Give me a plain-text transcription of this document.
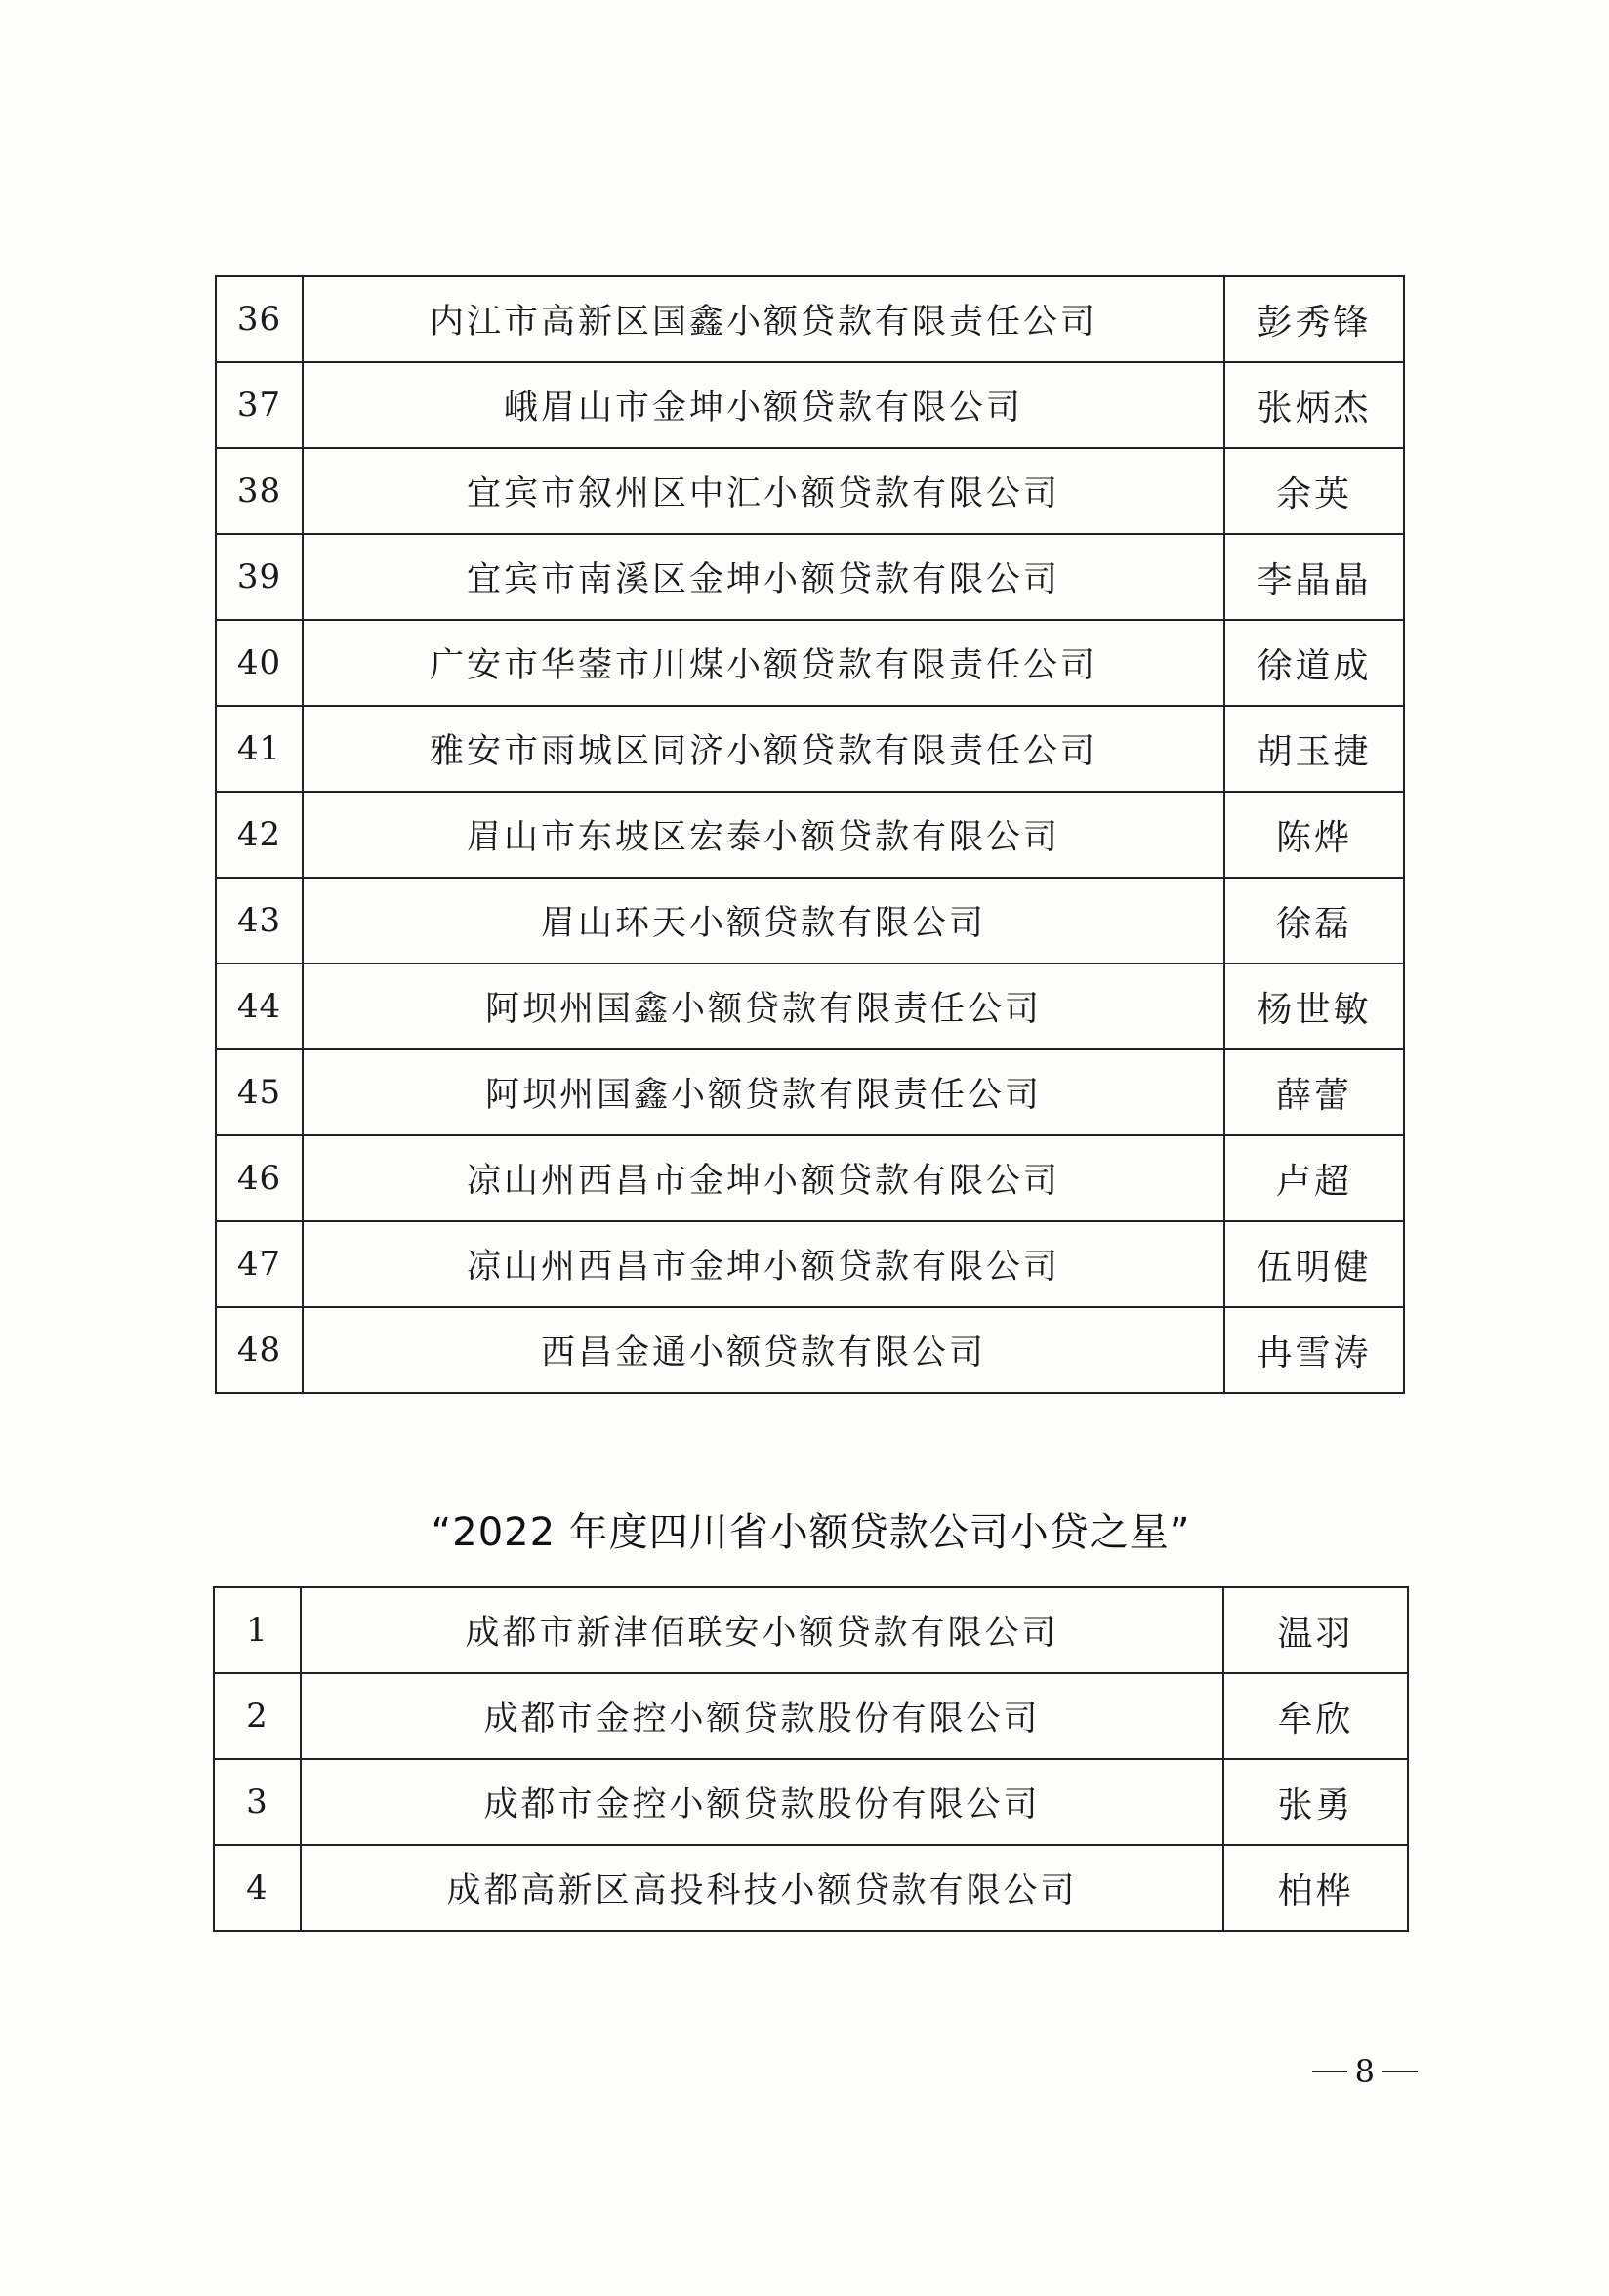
36	内江市高新区国鑫小额贷款有限责任公司	彭秀锋
37	峨眉山市金坤小额贷款有限公司	张炳杰
38	宜宾市叙州区中汇小额贷款有限公司	余英
39	宜宾市南溪区金坤小额贷款有限公司	李晶晶
40	广安市华蓥市川煤小额贷款有限责任公司	徐道成
41	雅安市雨城区同济小额贷款有限责任公司	胡玉捷
42	眉山市东坡区宏泰小额贷款有限公司	陈烨
43	眉山环天小额贷款有限公司	徐磊
44	阿坝州国鑫小额贷款有限责任公司	杨世敏
45	阿坝州国鑫小额贷款有限责任公司	薛蕾
46	凉山州西昌市金坤小额贷款有限公司	卢超
47	凉山州西昌市金坤小额贷款有限公司	伍明健
48	西昌金通小额贷款有限公司	冉雪涛
“2022 年度四川省小额贷款公司小贷之星”
1	成都市新津佰联安小额贷款有限公司	温羽
2	成都市金控小额贷款股份有限公司	牟欣
3	成都市金控小额贷款股份有限公司	张勇
4	成都高新区高投科技小额贷款有限公司	柏桦
8
